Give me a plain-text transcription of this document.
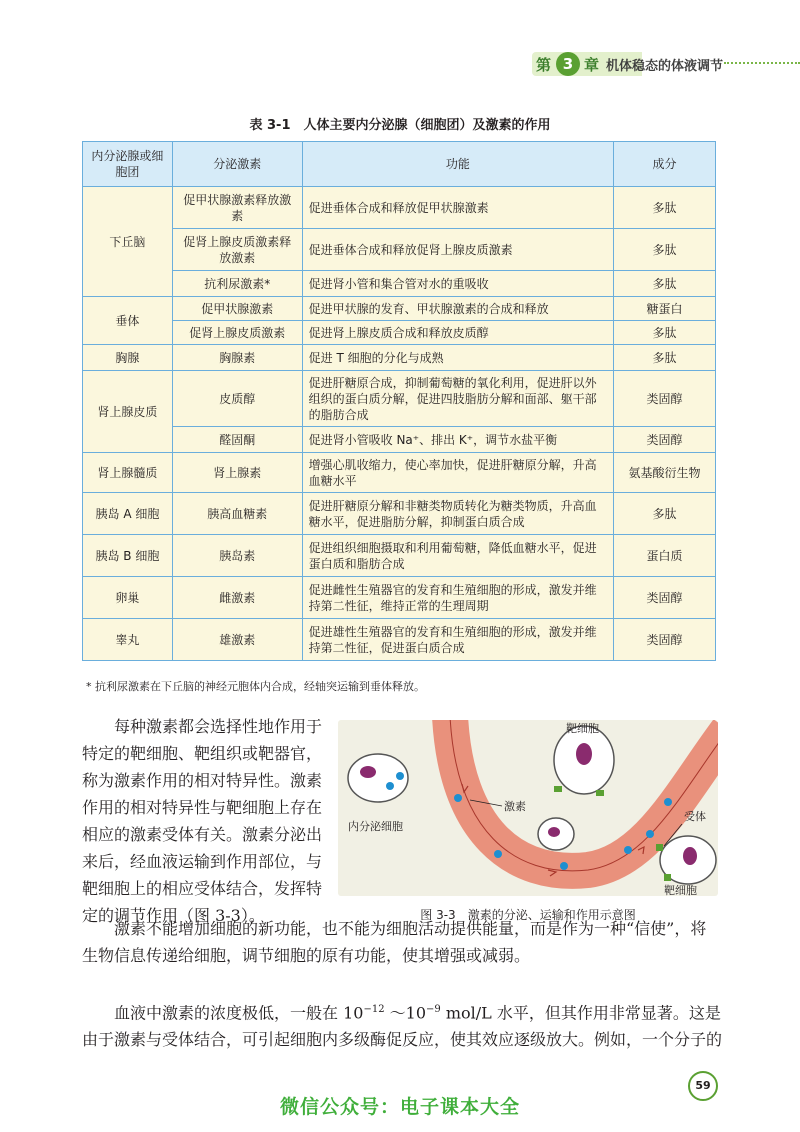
第 3 章 机体稳态的体液调节
表 3-1　人体主要内分泌腺（细胞团）及激素的作用
内分泌腺或细胞团	分泌激素	功能	成分
下丘脑	促甲状腺激素释放激素	促进垂体合成和释放促甲状腺激素	多肽
	促肾上腺皮质激素释放激素	促进垂体合成和释放促肾上腺皮质激素	多肽
	抗利尿激素*	促进肾小管和集合管对水的重吸收	多肽
垂体	促甲状腺激素	促进甲状腺的发育、甲状腺激素的合成和释放	糖蛋白
	促肾上腺皮质激素	促进肾上腺皮质合成和释放皮质醇	多肽
胸腺	胸腺素	促进 T 细胞的分化与成熟	多肽
肾上腺皮质	皮质醇	促进肝糖原合成，抑制葡萄糖的氧化利用，促进肝以外组织的蛋白质分解，促进四肢脂肪分解和面部、躯干部的脂肪合成	类固醇
	醛固酮	促进肾小管吸收 Na⁺、排出 K⁺，调节水盐平衡	类固醇
肾上腺髓质	肾上腺素	增强心肌收缩力，使心率加快，促进肝糖原分解，升高血糖水平	氨基酸衍生物
胰岛 A 细胞	胰高血糖素	促进肝糖原分解和非糖类物质转化为糖类物质，升高血糖水平，促进脂肪分解，抑制蛋白质合成	多肽
胰岛 B 细胞	胰岛素	促进组织细胞摄取和利用葡萄糖，降低血糖水平，促进蛋白质和脂肪合成	蛋白质
卵巢	雌激素	促进雌性生殖器官的发育和生殖细胞的形成，激发并维持第二性征，维持正常的生理周期	类固醇
睾丸	雄激素	促进雄性生殖器官的发育和生殖细胞的形成，激发并维持第二性征，促进蛋白质合成	类固醇
* 抗利尿激素在下丘脑的神经元胞体内合成，经轴突运输到垂体释放。
每种激素都会选择性地作用于特定的靶细胞、靶组织或靶器官，称为激素作用的相对特异性。激素作用的相对特异性与靶细胞上存在相应的激素受体有关。激素分泌出来后，经血液运输到作用部位，与靶细胞上的相应受体结合，发挥特定的调节作用（图 3-3）。
内分泌细胞
激素
靶细胞
受体
靶细胞
图 3-3　激素的分泌、运输和作用示意图
激素不能增加细胞的新功能，也不能为细胞活动提供能量，而是作为一种“信使”，将生物信息传递给细胞，调节细胞的原有功能，使其增强或减弱。
血液中激素的浓度极低，一般在 $10^{-12}$ $\sim 10^{-9}$ mol/L 水平，但其作用非常显著。这是由于激素与受体结合，可引起细胞内多级酶促反应，使其效应逐级放大。例如，一个分子的
59
微信公众号：电子课本大全
